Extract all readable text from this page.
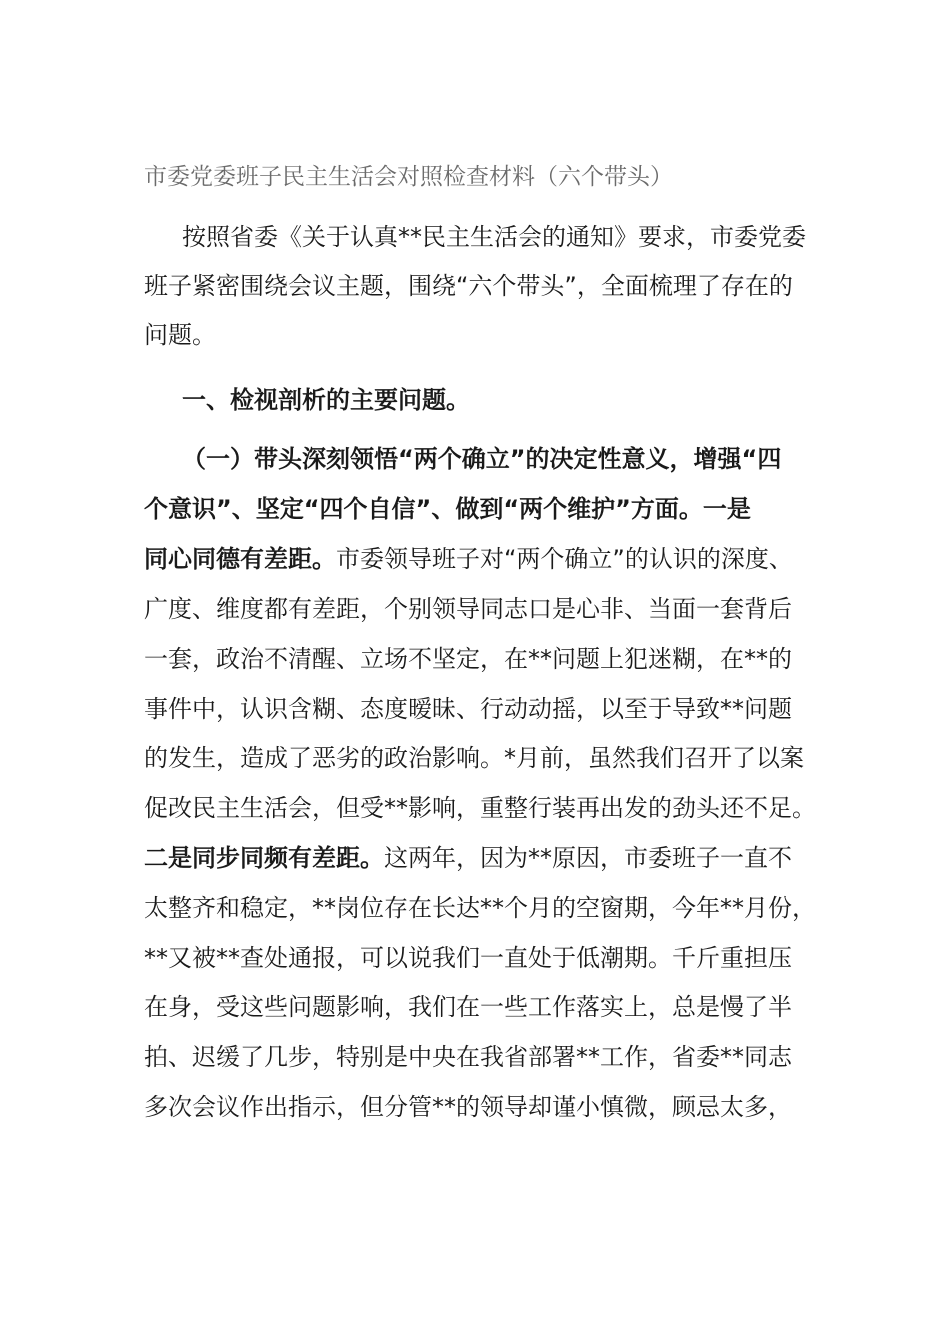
市委党委班子民主生活会对照检查材料（六个带头）
按照省委《关于认真**民主生活会的通知》要求，市委党委
班子紧密围绕会议主题，围绕“六个带头”，全面梳理了存在的
问题。
一、检视剖析的主要问题。
（一）带头深刻领悟“两个确立”的决定性意义，增强“四
个意识”、坚定“四个自信”、做到“两个维护”方面。一是
同心同德有差距。市委领导班子对“两个确立”的认识的深度、
广度、维度都有差距，个别领导同志口是心非、当面一套背后
一套，政治不清醒、立场不坚定，在**问题上犯迷糊，在**的
事件中，认识含糊、态度暧昧、行动动摇，以至于导致**问题
的发生，造成了恶劣的政治影响。*月前，虽然我们召开了以案
促改民主生活会，但受**影响，重整行装再出发的劲头还不足。
二是同步同频有差距。这两年，因为**原因，市委班子一直不
太整齐和稳定，**岗位存在长达**个月的空窗期，今年**月份，
**又被**查处通报，可以说我们一直处于低潮期。千斤重担压
在身，受这些问题影响，我们在一些工作落实上，总是慢了半
拍、迟缓了几步，特别是中央在我省部署**工作，省委**同志
多次会议作出指示，但分管**的领导却谨小慎微，顾忌太多，
